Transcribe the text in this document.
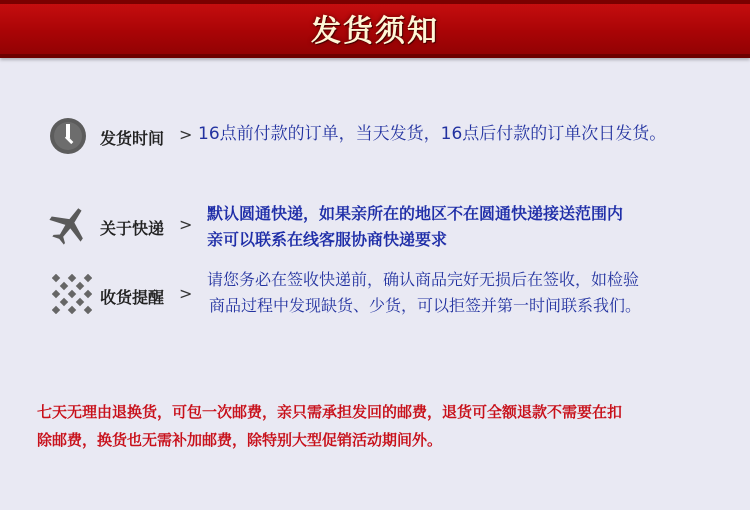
发货须知
发货时间 > 16点前付款的订单，当天发货，16点后付款的订单次日发货。
关于快递 >
默认圆通快递，如果亲所在的地区不在圆通快递接送范围内
亲可以联系在线客服协商快递要求
收货提醒 >
请您务必在签收快递前，确认商品完好无损后在签收，如检验
商品过程中发现缺货、少货，可以拒签并第一时间联系我们。
七天无理由退换货，可包一次邮费，亲只需承担发回的邮费，退货可全额退款不需要在扣
除邮费，换货也无需补加邮费，除特别大型促销活动期间外。
